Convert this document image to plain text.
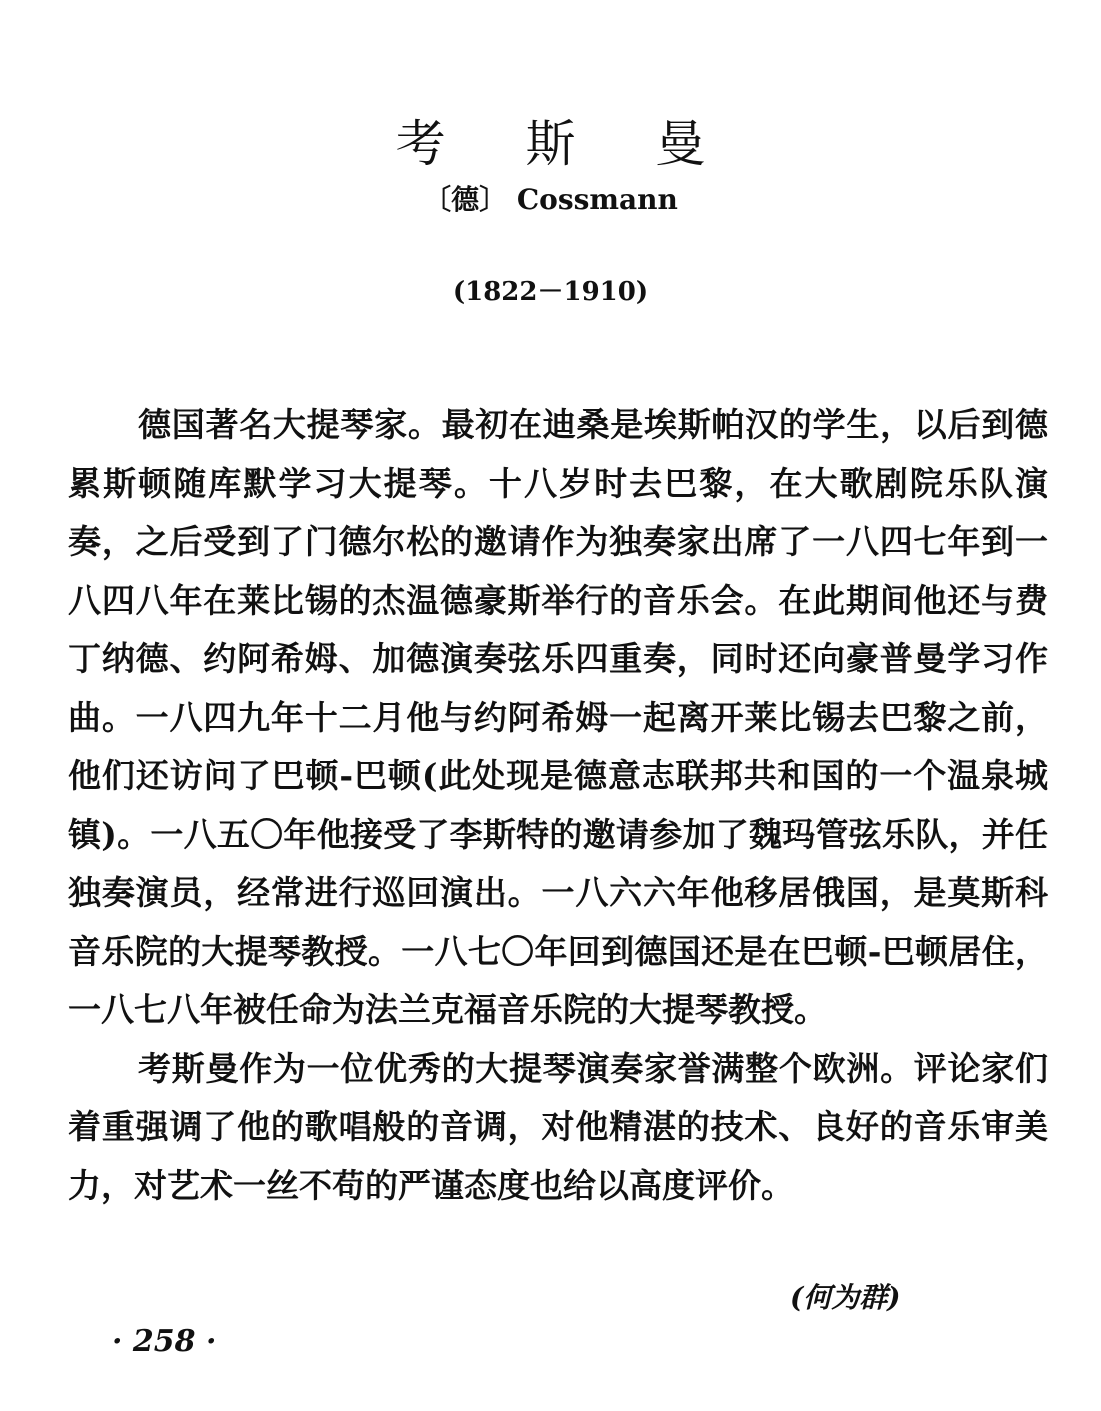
考 斯 曼
〔德〕 Cossmann
(1822－1910)

德国著名大提琴家。最初在迪桑是埃斯帕汉的学生，以后到德累斯顿随库默学习大提琴。十八岁时去巴黎，在大歌剧院乐队演奏，之后受到了门德尔松的邀请作为独奏家出席了一八四七年到一八四八年在莱比锡的杰温德豪斯举行的音乐会。在此期间他还与费丁纳德、约阿希姆、加德演奏弦乐四重奏，同时还向豪普曼学习作曲。一八四九年十二月他与约阿希姆一起离开莱比锡去巴黎之前，他们还访问了巴顿-巴顿(此处现是德意志联邦共和国的一个温泉城镇)。一八五〇年他接受了李斯特的邀请参加了魏玛管弦乐队，并任独奏演员，经常进行巡回演出。一八六六年他移居俄国，是莫斯科音乐院的大提琴教授。一八七〇年回到德国还是在巴顿-巴顿居住，一八七八年被任命为法兰克福音乐院的大提琴教授。

考斯曼作为一位优秀的大提琴演奏家誉满整个欧洲。评论家们着重强调了他的歌唱般的音调，对他精湛的技术、良好的音乐审美力，对艺术一丝不苟的严谨态度也给以高度评价。

(何为群)
· 258 ·
